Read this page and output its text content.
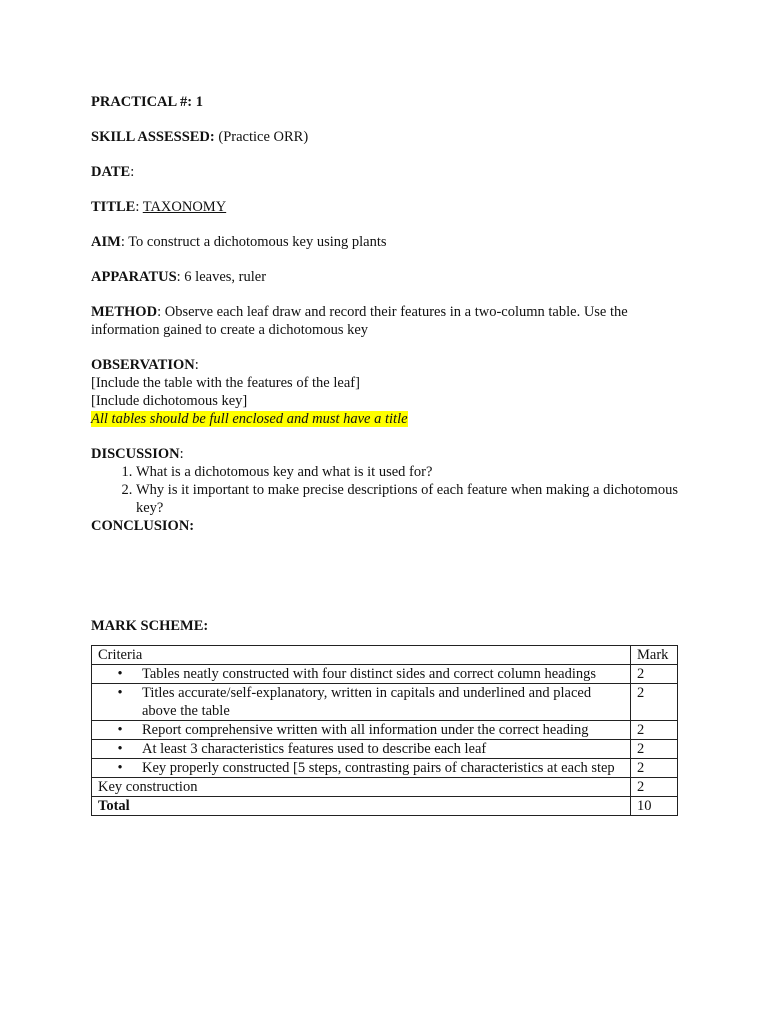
PRACTICAL #: 1

SKILL ASSESSED: (Practice ORR)

DATE:

TITLE: TAXONOMY

AIM: To construct a dichotomous key using plants

APPARATUS: 6 leaves, ruler

METHOD: Observe each leaf draw and record their features in a two-column table. Use the information gained to create a dichotomous key

OBSERVATION:

[Include the table with the features of the leaf]

[Include dichotomous key]

All tables should be full enclosed and must have a title

DISCUSSION:

1. What is a dichotomous key and what is it used for?
2. Why is it important to make precise descriptions of each feature when making a dichotomous key?

CONCLUSION:

MARK SCHEME:

Criteria	Mark

• Tables neatly constructed with four distinct sides and correct column headings	2

• Titles accurate/self-explanatory, written in capitals and underlined and placed above the table	2

• Report comprehensive written with all information under the correct heading	2

• At least 3 characteristics features used to describe each leaf	2

• Key properly constructed [5 steps, contrasting pairs of characteristics at each step	2
Key construction	2
Total	10
